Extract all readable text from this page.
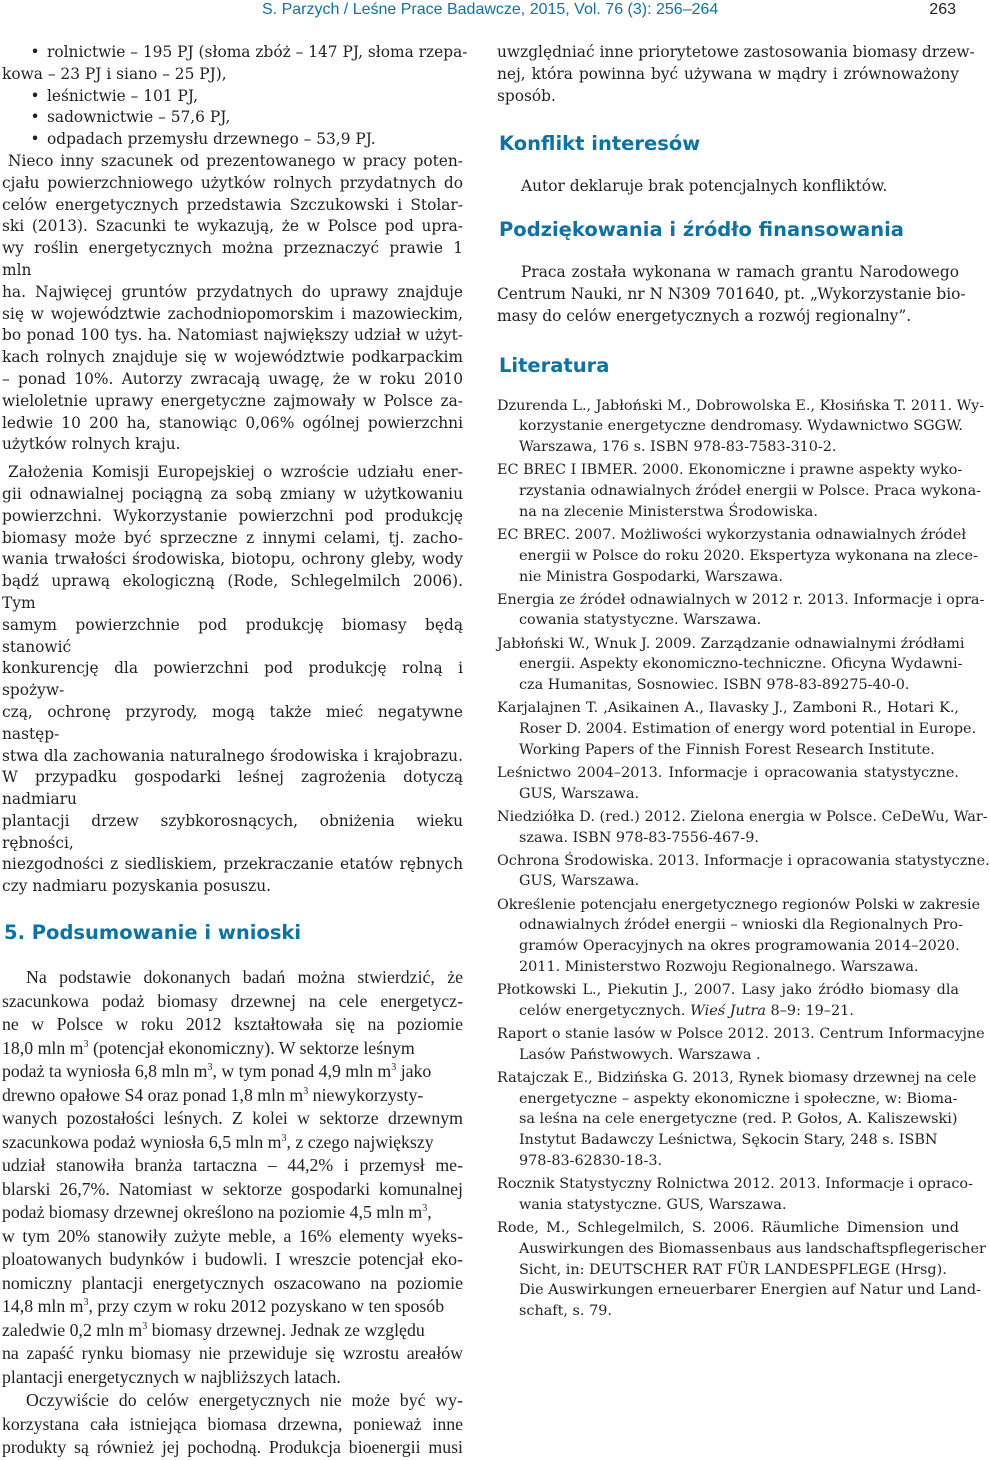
S. Parzych / Leśne Prace Badawcze, 2015, Vol. 76 (3): 256–264	263
• rolnictwie – 195 PJ (słoma zbóż – 147 PJ, słoma rzepa-
kowa – 23 PJ i siano – 25 PJ),
• leśnictwie – 101 PJ,
• sadownictwie – 57,6 PJ,
• odpadach przemysłu drzewnego – 53,9 PJ.
Nieco inny szacunek od prezentowanego w pracy poten-
cjału powierzchniowego użytków rolnych przydatnych do
celów energetycznych przedstawia Szczukowski i Stolar-
ski (2013). Szacunki te wykazują, że w Polsce pod upra-
wy roślin energetycznych można przeznaczyć prawie 1 mln
ha. Najwięcej gruntów przydatnych do uprawy znajduje
się w województwie zachodniopomorskim i mazowieckim,
bo ponad 100 tys. ha. Natomiast największy udział w użyt-
kach rolnych znajduje się w województwie podkarpackim
– ponad 10%. Autorzy zwracają uwagę, że w roku 2010
wieloletnie uprawy energetyczne zajmowały w Polsce za-
ledwie 10 200 ha, stanowiąc 0,06% ogólnej powierzchni
użytków rolnych kraju.
Założenia Komisji Europejskiej o wzroście udziału ener-
gii odnawialnej pociągną za sobą zmiany w użytkowaniu
powierzchni. Wykorzystanie powierzchni pod produkcję
biomasy może być sprzeczne z innymi celami, tj. zacho-
wania trwałości środowiska, biotopu, ochrony gleby, wody
bądź uprawą ekologiczną (Rode, Schlegelmilch 2006). Tym
samym powierzchnie pod produkcję biomasy będą stanowić
konkurencję dla powierzchni pod produkcję rolną i spożyw-
czą, ochronę przyrody, mogą także mieć negatywne następ-
stwa dla zachowania naturalnego środowiska i krajobrazu.
W przypadku gospodarki leśnej zagrożenia dotyczą nadmiaru
plantacji drzew szybkorosnących, obniżenia wieku rębności,
niezgodności z siedliskiem, przekraczanie etatów rębnych
czy nadmiaru pozyskania posuszu.
5. Podsumowanie i wnioski
Na podstawie dokonanych badań można stwierdzić, że
szacunkowa podaż biomasy drzewnej na cele energetycz-
ne w Polsce w roku 2012 kształtowała się na poziomie
18,0 mln $m^3$ (potencjał ekonomiczny). W sektorze leśnym
podaż ta wyniosła 6,8 mln $m^3$, w tym ponad 4,9 mln $m^3$ jako
drewno opałowe S4 oraz ponad 1,8 mln $m^3$ niewykorzysty-
wanych pozostałości leśnych. Z kolei w sektorze drzewnym
szacunkowa podaż wyniosła 6,5 mln $m^3$, z czego największy
udział stanowiła branża tartaczna – 44,2% i przemysł me-
blarski 26,7%. Natomiast w sektorze gospodarki komunalnej
podaż biomasy drzewnej określono na poziomie 4,5 mln $m^3$,
w tym 20% stanowiły zużyte meble, a 16% elementy wyeks-
ploatowanych budynków i budowli. I wreszcie potencjał eko-
nomiczny plantacji energetycznych oszacowano na poziomie
14,8 mln $m^3$, przy czym w roku 2012 pozyskano w ten sposób
zaledwie 0,2 mln $m^3$ biomasy drzewnej. Jednak ze względu
na zapaść rynku biomasy nie przewiduje się wzrostu areałów
plantacji energetycznych w najbliższych latach.
Oczywiście do celów energetycznych nie może być wy-
korzystana cała istniejąca biomasa drzewna, ponieważ inne
produkty są również jej pochodną. Produkcja bioenergii musi
uwzględniać inne priorytetowe zastosowania biomasy drzew-
nej, która powinna być używana w mądry i zrównoważony
sposób.
Konflikt interesów
Autor deklaruje brak potencjalnych konfliktów.
Podziękowania i źródło finansowania
Praca została wykonana w ramach grantu Narodowego
Centrum Nauki, nr N N309 701640, pt. „Wykorzystanie bio-
masy do celów energetycznych a rozwój regionalny”.
Literatura
Dzurenda L., Jabłoński M., Dobrowolska E., Kłosińska T. 2011. Wy-
korzystanie energetyczne dendromasy. Wydawnictwo SGGW.
Warszawa, 176 s. ISBN 978-83-7583-310-2.
EC BREC I IBMER. 2000. Ekonomiczne i prawne aspekty wyko-
rzystania odnawialnych źródeł energii w Polsce. Praca wykona-
na na zlecenie Ministerstwa Środowiska.
EC BREC. 2007. Możliwości wykorzystania odnawialnych źródeł
energii w Polsce do roku 2020. Ekspertyza wykonana na zlece-
nie Ministra Gospodarki, Warszawa.
Energia ze źródeł odnawialnych w 2012 r. 2013. Informacje i opra-
cowania statystyczne. Warszawa.
Jabłoński W., Wnuk J. 2009. Zarządzanie odnawialnymi źródłami
energii. Aspekty ekonomiczno-techniczne. Oficyna Wydawni-
cza Humanitas, Sosnowiec. ISBN 978-83-89275-40-0.
Karjalajnen T. ,Asikainen A., Ilavasky J., Zamboni R., Hotari K.,
Roser D. 2004. Estimation of energy word potential in Europe.
Working Papers of the Finnish Forest Research Institute.
Leśnictwo 2004–2013. Informacje i opracowania statystyczne.
GUS, Warszawa.
Niedziółka D. (red.) 2012. Zielona energia w Polsce. CeDeWu, War-
szawa. ISBN 978-83-7556-467-9.
Ochrona Środowiska. 2013. Informacje i opracowania statystyczne.
GUS, Warszawa.
Określenie potencjału energetycznego regionów Polski w zakresie
odnawialnych źródeł energii – wnioski dla Regionalnych Pro-
gramów Operacyjnych na okres programowania 2014–2020.
2011. Ministerstwo Rozwoju Regionalnego. Warszawa.
Płotkowski L., Piekutin J., 2007. Lasy jako źródło biomasy dla
celów energetycznych. Wieś Jutra 8–9: 19–21.
Raport o stanie lasów w Polsce 2012. 2013. Centrum Informacyjne
Lasów Państwowych. Warszawa .
Ratajczak E., Bidzińska G. 2013, Rynek biomasy drzewnej na cele
energetyczne – aspekty ekonomiczne i społeczne, w: Bioma-
sa leśna na cele energetyczne (red. P. Gołos, A. Kaliszewski)
Instytut Badawczy Leśnictwa, Sękocin Stary, 248 s. ISBN
978-83-62830-18-3.
Rocznik Statystyczny Rolnictwa 2012. 2013. Informacje i opraco-
wania statystyczne. GUS, Warszawa.
Rode, M., Schlegelmilch, S. 2006. Räumliche Dimension und
Auswirkungen des Biomassenbaus aus landschaftspflegerischer
Sicht, in: DEUTSCHER RAT FÜR LANDESPFLEGE (Hrsg).
Die Auswirkungen erneuerbarer Energien auf Natur und Land-
schaft, s. 79.
